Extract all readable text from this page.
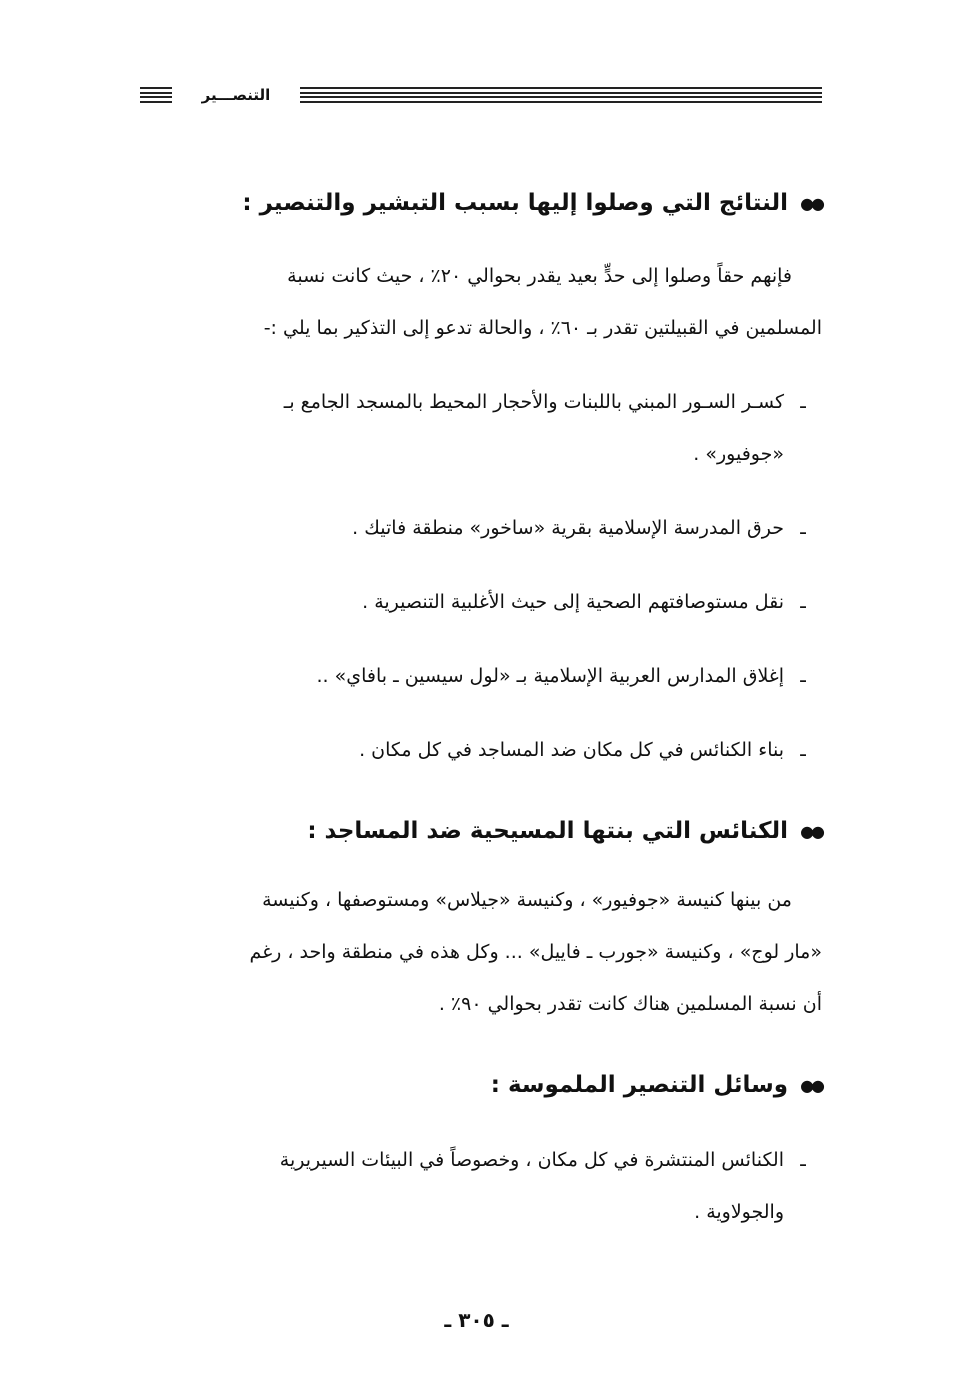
التنصـــير
●●النتائج التي وصلوا إليها بسبب التبشير والتنصير :
فإنهم حقاً وصلوا إلى حدٍّ بعيد يقدر بحوالي ٢٠٪ ، حيث كانت نسبة
المسلمين في القبيلتين تقدر بـ ٦٠٪ ، والحالة تدعو إلى التذكير بما يلي :-
ـكسـر السـور المبني باللبنات والأحجار المحيط بالمسجد الجامع بـ
«جوفيور» .
ـحرق المدرسة الإسلامية بقرية «ساخور» منطقة فاتيك .
ـنقل مستوصافتهم الصحية إلى حيث الأغلبية التنصيرية .
ـإغلاق المدارس العربية الإسلامية بـ «لول سيسين ـ بافاي» ..
ـبناء الكنائس في كل مكان ضد المساجد في كل مكان .
●●الكنائس التي بنتها المسيحية ضد المساجد :
من بينها كنيسة «جوفيور» ، وكنيسة «جيلاس» ومستوصفها ، وكنيسة
«مار لوج» ، وكنيسة «جورب ـ فاييل» ... وكل هذه في منطقة واحد ، رغم
أن نسبة المسلمين هناك كانت تقدر بحوالي ٩٠٪ .
●●وسائل التنصير الملموسة :
ـالكنائس المنتشرة في كل مكان ، وخصوصاً في البيئات السيريرية
والجولاوية .
ـ ٣٠٥ ـ
